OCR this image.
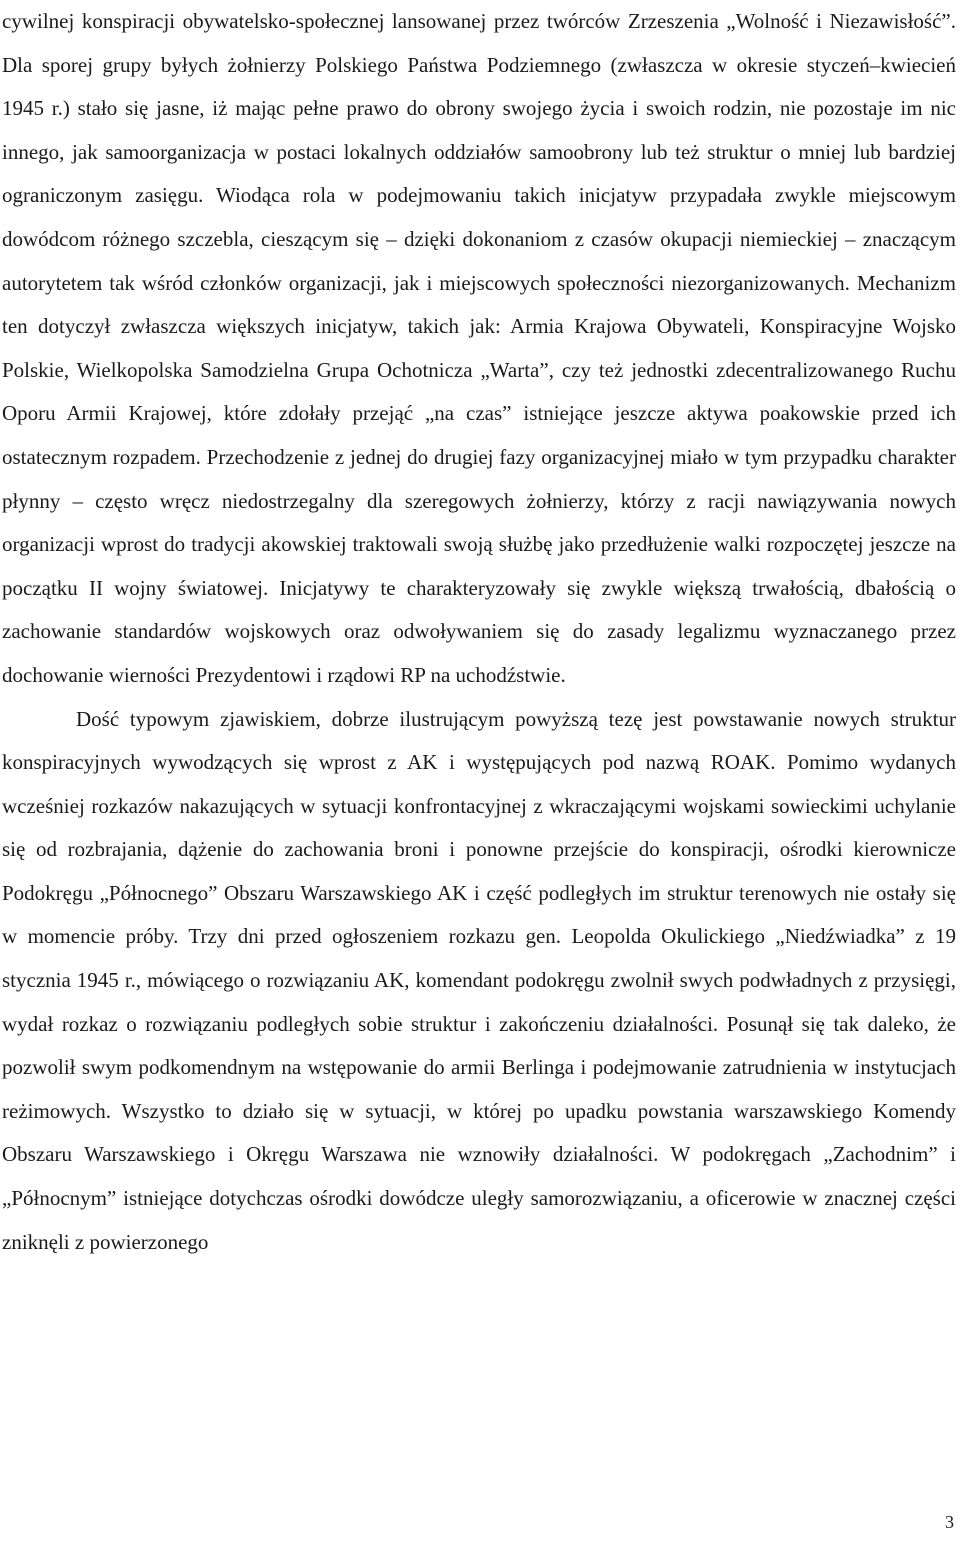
cywilnej konspiracji obywatelsko-społecznej lansowanej przez twórców Zrzeszenia „Wolność i Niezawisłość”. Dla sporej grupy byłych żołnierzy Polskiego Państwa Podziemnego (zwłaszcza w okresie styczeń–kwiecień 1945 r.) stało się jasne, iż mając pełne prawo do obrony swojego życia i swoich rodzin, nie pozostaje im nic innego, jak samoorganizacja w postaci lokalnych oddziałów samoobrony lub też struktur o mniej lub bardziej ograniczonym zasięgu. Wiodąca rola w podejmowaniu takich inicjatyw przypadała zwykle miejscowym dowódcom różnego szczebla, cieszącym się – dzięki dokonaniom z czasów okupacji niemieckiej – znaczącym autorytetem tak wśród członków organizacji, jak i miejscowych społeczności niezorganizowanych. Mechanizm ten dotyczył zwłaszcza większych inicjatyw, takich jak: Armia Krajowa Obywateli, Konspiracyjne Wojsko Polskie, Wielkopolska Samodzielna Grupa Ochotnicza „Warta”, czy też jednostki zdecentralizowanego Ruchu Oporu Armii Krajowej, które zdołały przejąć „na czas” istniejące jeszcze aktywa poakowskie przed ich ostatecznym rozpadem. Przechodzenie z jednej do drugiej fazy organizacyjnej miało w tym przypadku charakter płynny – często wręcz niedostrzegalny dla szeregowych żołnierzy, którzy z racji nawiązywania nowych organizacji wprost do tradycji akowskiej traktowali swoją służbę jako przedłużenie walki rozpoczętej jeszcze na początku II wojny światowej. Inicjatywy te charakteryzowały się zwykle większą trwałością, dbałością o zachowanie standardów wojskowych oraz odwoływaniem się do zasady legalizmu wyznaczanego przez dochowanie wierności Prezydentowi i rządowi RP na uchodźstwie.

Dość typowym zjawiskiem, dobrze ilustrującym powyższą tezę jest powstawanie nowych struktur konspiracyjnych wywodzących się wprost z AK i występujących pod nazwą ROAK. Pomimo wydanych wcześniej rozkazów nakazujących w sytuacji konfrontacyjnej z wkraczającymi wojskami sowieckimi uchylanie się od rozbrajania, dążenie do zachowania broni i ponowne przejście do konspiracji, ośrodki kierownicze Podokręgu „Północnego” Obszaru Warszawskiego AK i część podległych im struktur terenowych nie ostały się w momencie próby. Trzy dni przed ogłoszeniem rozkazu gen. Leopolda Okulickiego „Niedźwiadka” z 19 stycznia 1945 r., mówiącego o rozwiązaniu AK, komendant podokręgu zwolnił swych podwładnych z przysięgi, wydał rozkaz o rozwiązaniu podległych sobie struktur i zakończeniu działalności. Posunął się tak daleko, że pozwolił swym podkomendnym na wstępowanie do armii Berlinga i podejmowanie zatrudnienia w instytucjach reżimowych. Wszystko to działo się w sytuacji, w której po upadku powstania warszawskiego Komendy Obszaru Warszawskiego i Okręgu Warszawa nie wznowiły działalności. W podokręgach „Zachodnim” i „Północnym” istniejące dotychczas ośrodki dowódcze uległy samorozwiązaniu, a oficerowie w znacznej części zniknęli z powierzonego

3
